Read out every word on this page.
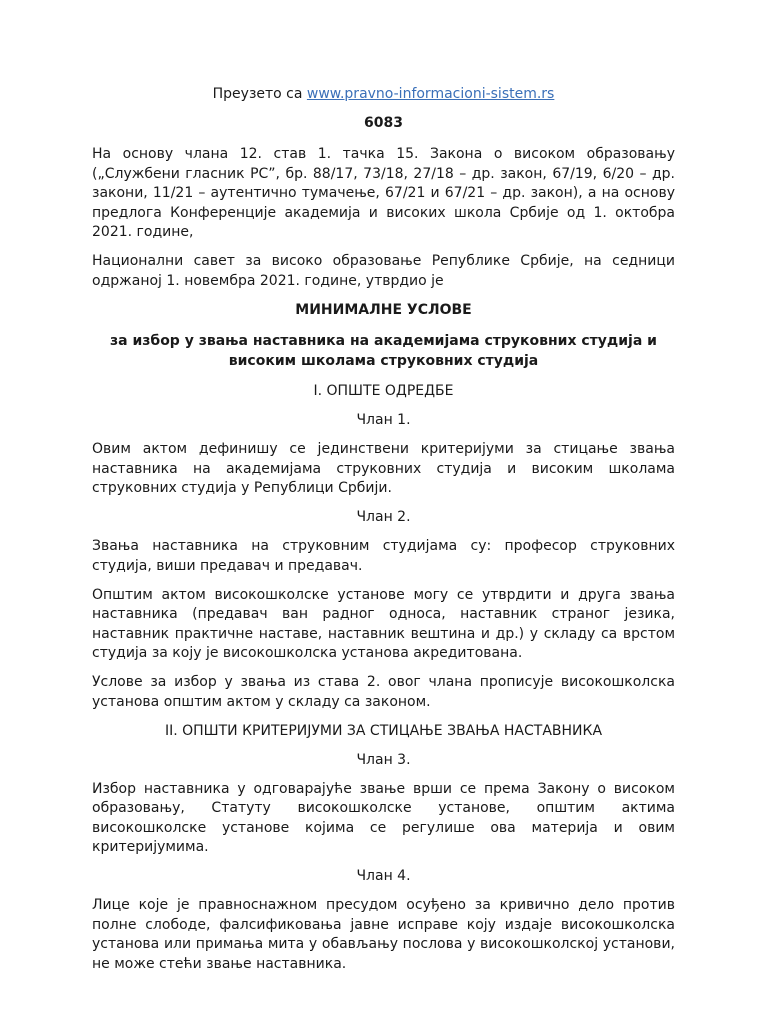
Преузето са www.pravno-informacioni-sistem.rs

6083

На основу члана 12. став 1. тачка 15. Закона о високом образовању („Службени гласник РС”, бр. 88/17, 73/18, 27/18 – др. закон, 67/19, 6/20 – др. закони, 11/21 – аутентично тумачење, 67/21 и 67/21 – др. закон), а на основу предлога Конференције академија и високих школа Србије од 1. октобра 2021. године,

Национални савет за високо образовање Републике Србије, на седници одржаној 1. новембра 2021. године, утврдио је

МИНИМАЛНЕ УСЛОВЕ

за избор у звања наставника на академијама струковних студија и високим школама струковних студија

I. ОПШТЕ ОДРЕДБЕ

Члан 1.

Овим актом дефинишу се јединствени критеријуми за стицање звања наставника на академијама струковних студија и високим школама струковних студија у Републици Србији.

Члан 2.

Звања наставника на струковним студијама су: професор струковних студија, виши предавач и предавач.

Општим актом високошколске установе могу се утврдити и друга звања наставника (предавач ван радног односа, наставник страног језика, наставник практичне наставе, наставник вештина и др.) у складу са врстом студија за коју је високошколска установа акредитована.

Услове за избор у звања из става 2. овог члана прописује високошколска установа општим актом у складу са законом.

II. ОПШТИ КРИТЕРИЈУМИ ЗА СТИЦАЊЕ ЗВАЊА НАСТАВНИКА

Члан 3.

Избор наставника у одговарајуће звање врши се према Закону о високом образовању, Статуту високошколске установе, општим актима високошколске установе којима се регулише ова материја и овим критеријумима.

Члан 4.

Лице које је правноснажном пресудом осуђено за кривично дело против полне слободе, фалсификовања јавне исправе коју издаје високошколска установа или примања мита у обављању послова у високошколској установи, не може стећи звање наставника.
